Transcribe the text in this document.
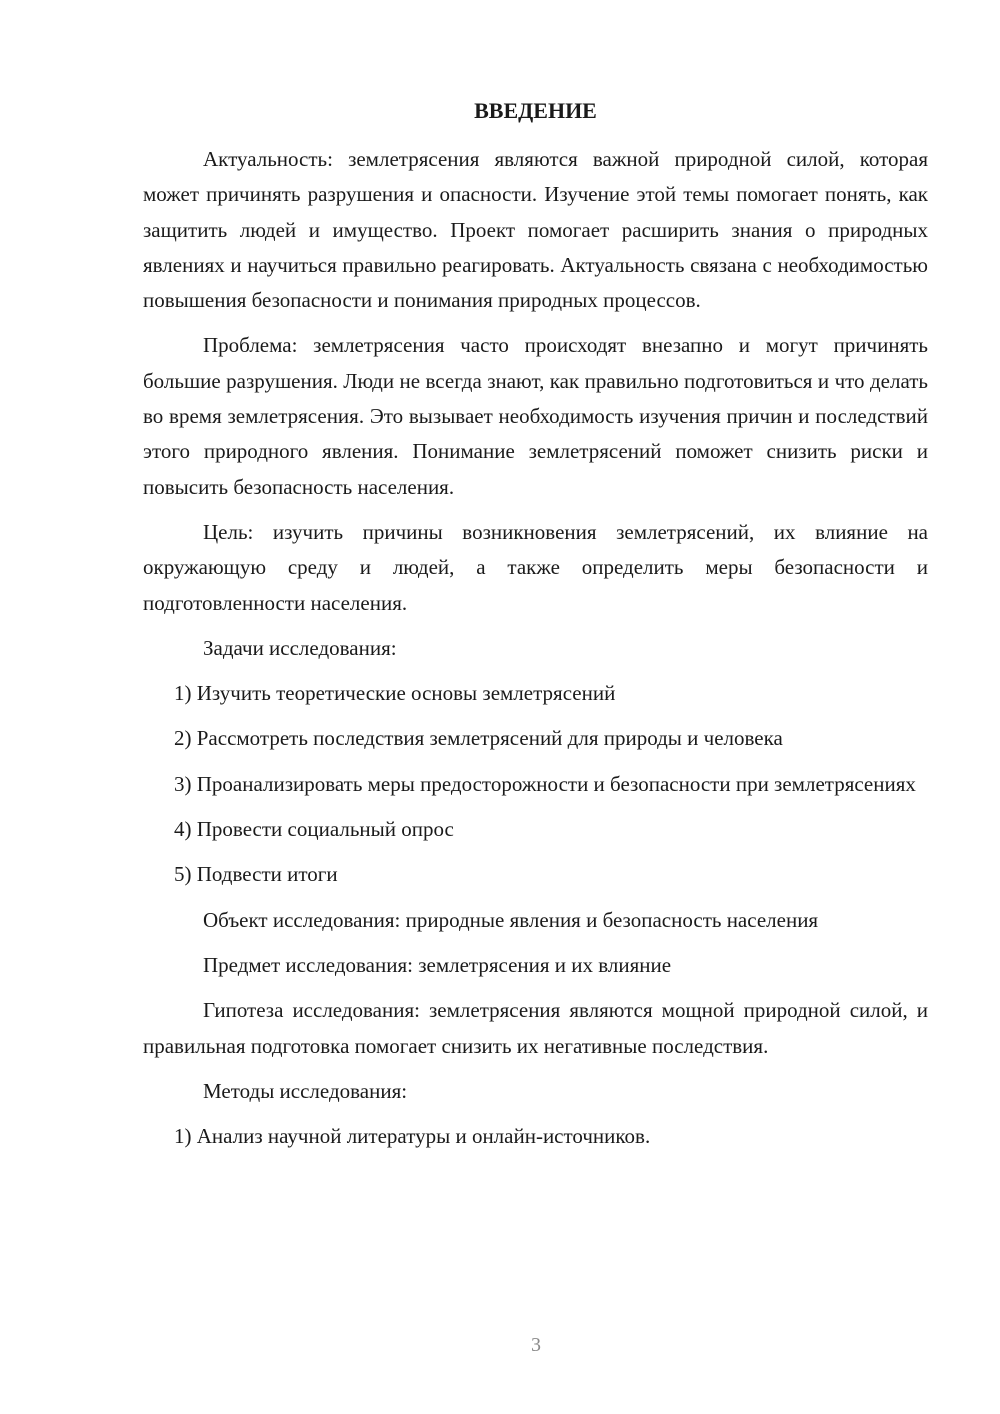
ВВЕДЕНИЕ

Актуальность: землетрясения являются важной природной силой, которая может причинять разрушения и опасности. Изучение этой темы помогает понять, как защитить людей и имущество. Проект помогает расширить знания о природных явлениях и научиться правильно реагировать. Актуальность связана с необходимостью повышения безопасности и понимания природных процессов.

Проблема: землетрясения часто происходят внезапно и могут причинять большие разрушения. Люди не всегда знают, как правильно подготовиться и что делать во время землетрясения. Это вызывает необходимость изучения причин и последствий этого природного явления. Понимание землетрясений поможет снизить риски и повысить безопасность населения.

Цель: изучить причины возникновения землетрясений, их влияние на окружающую среду и людей, а также определить меры безопасности и подготовленности населения.

Задачи исследования:

1) Изучить теоретические основы землетрясений

2) Рассмотреть последствия землетрясений для природы и человека

3) Проанализировать меры предосторожности и безопасности при землетрясениях

4) Провести социальный опрос

5) Подвести итоги

Объект исследования: природные явления и безопасность населения

Предмет исследования: землетрясения и их влияние

Гипотеза исследования: землетрясения являются мощной природной силой, и правильная подготовка помогает снизить их негативные последствия.

Методы исследования:

1) Анализ научной литературы и онлайн-источников.

3
